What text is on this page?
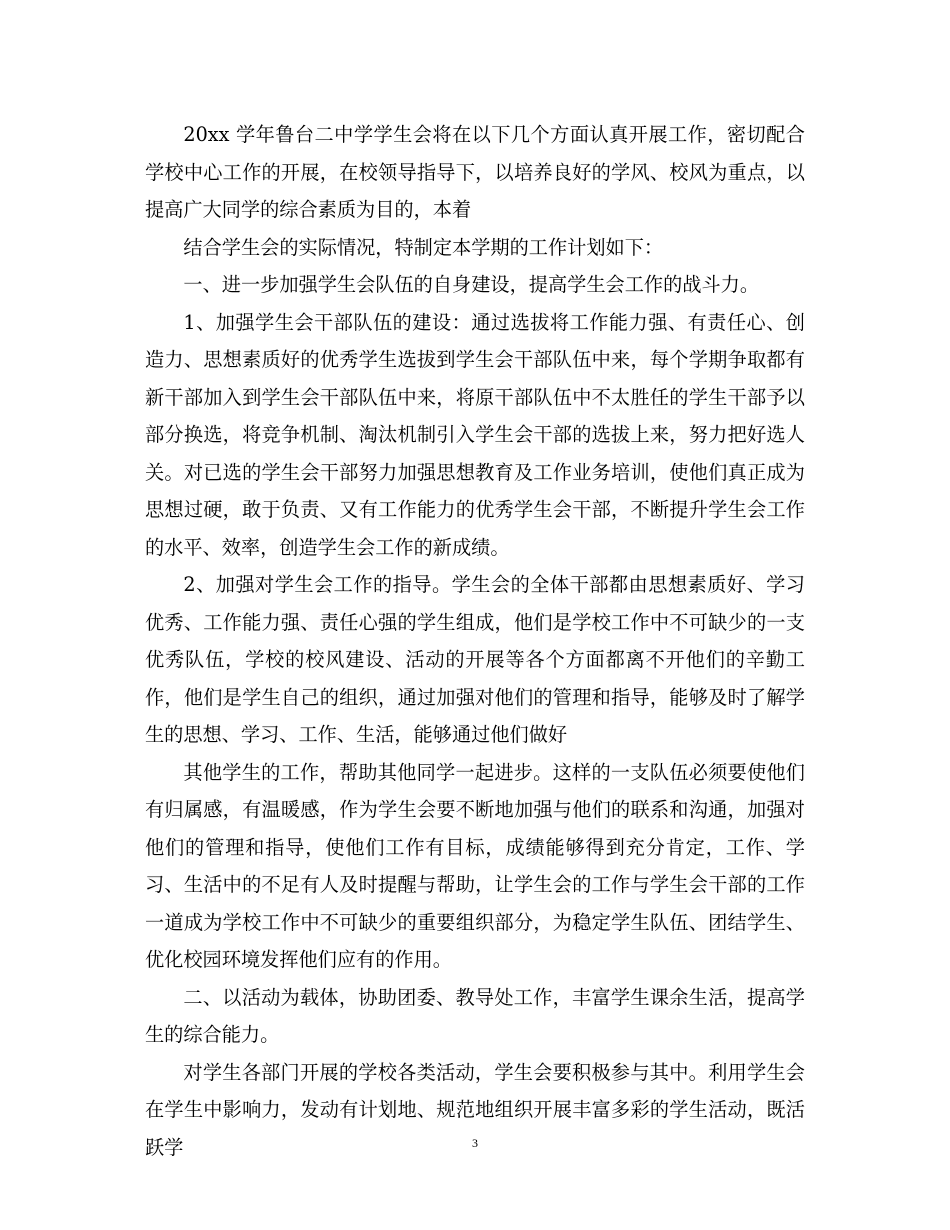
20xx 学年鲁台二中学学生会将在以下几个方面认真开展工作，密切配合学校中心工作的开展，在校领导指导下，以培养良好的学风、校风为重点，以提高广大同学的综合素质为目的，本着

结合学生会的实际情况，特制定本学期的工作计划如下：

一、进一步加强学生会队伍的自身建设，提高学生会工作的战斗力。

1、加强学生会干部队伍的建设：通过选拔将工作能力强、有责任心、创造力、思想素质好的优秀学生选拔到学生会干部队伍中来，每个学期争取都有新干部加入到学生会干部队伍中来，将原干部队伍中不太胜任的学生干部予以部分换选，将竞争机制、淘汰机制引入学生会干部的选拔上来，努力把好选人关。对已选的学生会干部努力加强思想教育及工作业务培训，使他们真正成为思想过硬，敢于负责、又有工作能力的优秀学生会干部，不断提升学生会工作的水平、效率，创造学生会工作的新成绩。

2、加强对学生会工作的指导。学生会的全体干部都由思想素质好、学习优秀、工作能力强、责任心强的学生组成，他们是学校工作中不可缺少的一支优秀队伍，学校的校风建设、活动的开展等各个方面都离不开他们的辛勤工作，他们是学生自己的组织，通过加强对他们的管理和指导，能够及时了解学生的思想、学习、工作、生活，能够通过他们做好

其他学生的工作，帮助其他同学一起进步。这样的一支队伍必须要使他们有归属感，有温暖感，作为学生会要不断地加强与他们的联系和沟通，加强对他们的管理和指导，使他们工作有目标，成绩能够得到充分肯定，工作、学习、生活中的不足有人及时提醒与帮助，让学生会的工作与学生会干部的工作一道成为学校工作中不可缺少的重要组织部分，为稳定学生队伍、团结学生、优化校园环境发挥他们应有的作用。

二、以活动为载体，协助团委、教导处工作，丰富学生课余生活，提高学生的综合能力。

对学生各部门开展的学校各类活动，学生会要积极参与其中。利用学生会在学生中影响力，发动有计划地、规范地组织开展丰富多彩的学生活动，既活跃学	3
